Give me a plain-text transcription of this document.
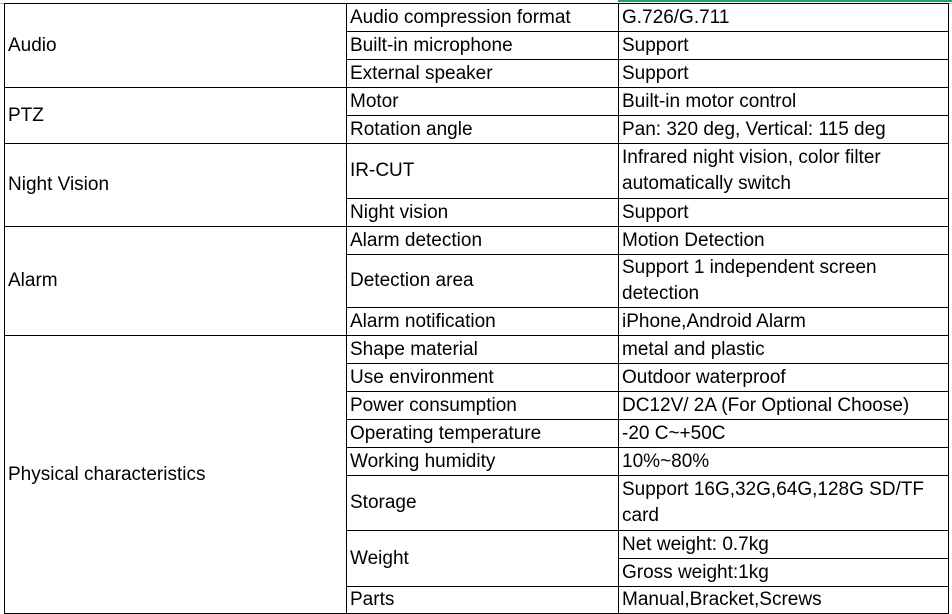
Audio	Audio compression format	G.726/G.711
	Built-in microphone	Support
	External speaker	Support
PTZ	Motor	Built-in motor control
	Rotation angle	Pan: 320 deg, Vertical: 115 deg
Night Vision	IR-CUT	Infrared night vision, color filter automatically switch
	Night vision	Support
Alarm	Alarm detection	Motion Detection
	Detection area	Support 1 independent screen detection
	Alarm notification	iPhone,Android Alarm
Physical characteristics	Shape material	metal and plastic
	Use environment	Outdoor waterproof
	Power consumption	DC12V/ 2A (For Optional Choose)
	Operating temperature	-20 C~+50C
	Working humidity	10%~80%
	Storage	Support 16G,32G,64G,128G SD/TF card
	Weight	Net weight: 0.7kg
		Gross weight:1kg
	Parts	Manual,Bracket,Screws
